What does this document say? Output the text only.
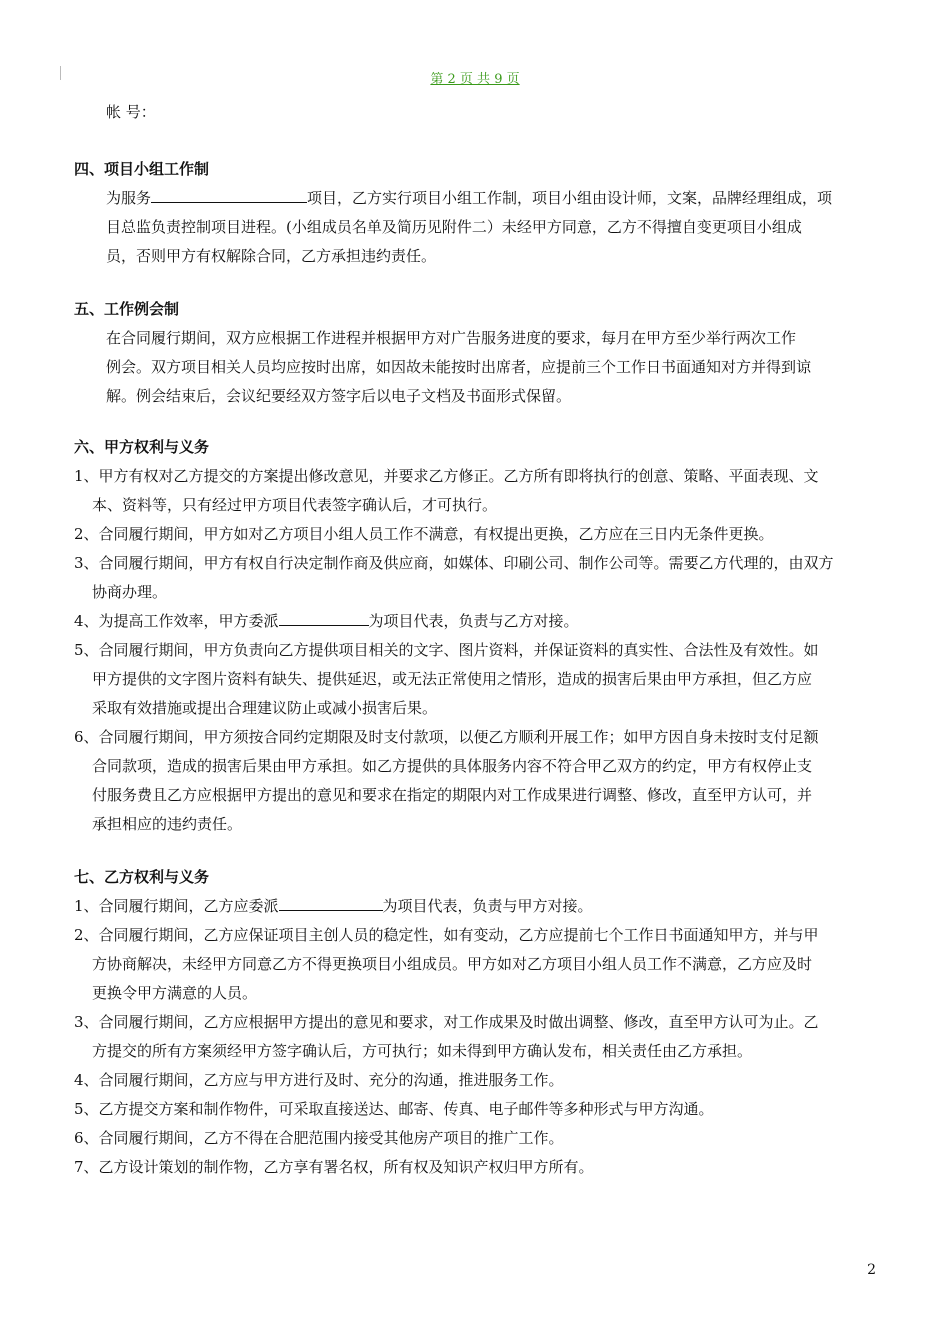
第 2 页 共 9 页
帐 号：
四、项目小组工作制
为服务	项目，乙方实行项目小组工作制，项目小组由设计师，文案，品牌经理组成，项
目总监负责控制项目进程。(小组成员名单及简历见附件二）未经甲方同意，乙方不得擅自变更项目小组成
员，否则甲方有权解除合同，乙方承担违约责任。
五、工作例会制
在合同履行期间，双方应根据工作进程并根据甲方对广告服务进度的要求，每月在甲方至少举行两次工作
例会。双方项目相关人员均应按时出席，如因故未能按时出席者，应提前三个工作日书面通知对方并得到谅
解。例会结束后，会议纪要经双方签字后以电子文档及书面形式保留。
六、甲方权利与义务
1、甲方有权对乙方提交的方案提出修改意见，并要求乙方修正。乙方所有即将执行的创意、策略、平面表现、文
本、资料等，只有经过甲方项目代表签字确认后，才可执行。
2、合同履行期间，甲方如对乙方项目小组人员工作不满意，有权提出更换，乙方应在三日内无条件更换。
3、合同履行期间，甲方有权自行决定制作商及供应商，如媒体、印刷公司、制作公司等。需要乙方代理的，由双方
协商办理。
4、为提高工作效率，甲方委派	为项目代表，负责与乙方对接。
5、合同履行期间，甲方负责向乙方提供项目相关的文字、图片资料，并保证资料的真实性、合法性及有效性。如
甲方提供的文字图片资料有缺失、提供延迟，或无法正常使用之情形，造成的损害后果由甲方承担，但乙方应
采取有效措施或提出合理建议防止或减小损害后果。
6、合同履行期间，甲方须按合同约定期限及时支付款项，以便乙方顺利开展工作；如甲方因自身未按时支付足额
合同款项，造成的损害后果由甲方承担。如乙方提供的具体服务内容不符合甲乙双方的约定，甲方有权停止支
付服务费且乙方应根据甲方提出的意见和要求在指定的期限内对工作成果进行调整、修改，直至甲方认可，并
承担相应的违约责任。
七、乙方权利与义务
1、合同履行期间，乙方应委派	为项目代表，负责与甲方对接。
2、合同履行期间，乙方应保证项目主创人员的稳定性，如有变动，乙方应提前七个工作日书面通知甲方，并与甲
方协商解决，未经甲方同意乙方不得更换项目小组成员。甲方如对乙方项目小组人员工作不满意，乙方应及时
更换令甲方满意的人员。
3、合同履行期间，乙方应根据甲方提出的意见和要求，对工作成果及时做出调整、修改，直至甲方认可为止。乙
方提交的所有方案须经甲方签字确认后，方可执行；如未得到甲方确认发布，相关责任由乙方承担。
4、合同履行期间，乙方应与甲方进行及时、充分的沟通，推进服务工作。
5、乙方提交方案和制作物件，可采取直接送达、邮寄、传真、电子邮件等多种形式与甲方沟通。
6、合同履行期间，乙方不得在合肥范围内接受其他房产项目的推广工作。
7、乙方设计策划的制作物，乙方享有署名权，所有权及知识产权归甲方所有。
2
